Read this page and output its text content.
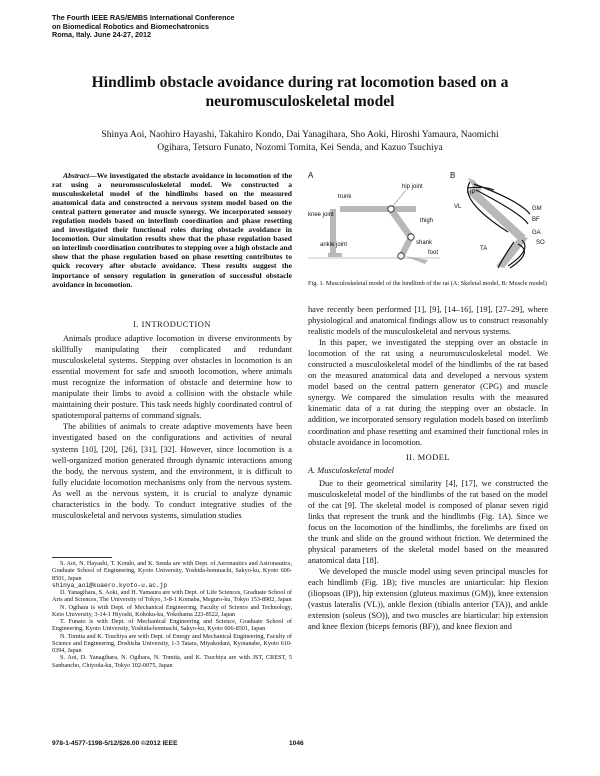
The Fourth IEEE RAS/EMBS International Conference
on Biomedical Robotics and Biomechatronics
Roma, Italy. June 24-27, 2012
Hindlimb obstacle avoidance during rat locomotion based on a
neuromusculoskeletal model
Shinya Aoi, Naohiro Hayashi, Takahiro Kondo, Dai Yanagihara, Sho Aoki, Hiroshi Yamaura, Naomichi
Ogihara, Tetsuro Funato, Nozomi Tomita, Kei Senda, and Kazuo Tsuchiya

Abstract—We investigated the obstacle avoidance in locomotion of the rat using a neuromusculoskeletal model. We constructed a musculoskeletal model of the hindlimbs based on the measured anatomical data and constructed a nervous system model based on the central pattern generator and muscle synergy. We incorporated sensory regulation models based on interlimb coordination and phase resetting and investigated their functional roles during obstacle avoidance in locomotion. Our simulation results show that the phase regulation based on interlimb coordination contributes to stepping over a high obstacle and show that the phase regulation based on phase resetting contributes to quick recovery after obstacle avoidance. These results suggest the importance of sensory regulation in generation of successful obstacle avoidance in locomotion.

I. INTRODUCTION

Animals produce adaptive locomotion in diverse environments by skillfully manipulating their complicated and redundant musculoskeletal systems. Stepping over obstacles in locomotion is an essential movement for safe and smooth locomotion, where animals must recognize the information of obstacle and determine how to manipulate their limbs to avoid a collision with the obstacle while maintaining their posture. This task needs highly coordinated control of spatiotemporal patterns of command signals.

The abilities of animals to create adaptive movements have been investigated based on the configurations and activities of neural systems [10], [20], [26], [31], [32]. However, since locomotion is a well-organized motion generated through dynamic interactions among the body, the nervous system, and the environment, it is difficult to fully elucidate locomotion mechanisms only from the nervous system. As well as the nervous system, it is crucial to analyze dynamic characteristics in the body. To conduct integrative studies of the musculoskeletal and nervous systems, simulation studies

S. Aoi, N. Hayashi, T. Kondo, and K. Senda are with Dept. of Aeronautics and Astronautics, Graduate School of Engineering, Kyoto University, Yoshida-honmachi, Sakyo-ku, Kyoto 606-8501, Japan
shinya_aoi@kuaero.kyoto-u.ac.jp

D. Yanagihara, S. Aoki, and H. Yamaura are with Dept. of Life Sciences, Graduate School of Arts and Sciences, The University of Tokyo, 3-8-1 Komaba, Meguro-ku, Tokyo 153-8902, Japan

N. Ogihara is with Dept. of Mechanical Engineering, Faculty of Science and Technology, Keio University, 3-14-1 Hiyoshi, Kohoku-ku, Yokohama 223-8522, Japan

T. Funato is with Dept. of Mechanical Engineering and Science, Graduate School of Engineering, Kyoto University, Yoshida-honmachi, Sakyo-ku, Kyoto 606-8501, Japan

N. Tomita and K. Tsuchiya are with Dept. of Energy and Mechanical Engineering, Faculty of Science and Engineering, Doshisha University, 1-3 Tatara, Miyakodani, Kyotanabe, Kyoto 610-0394, Japan

S. Aoi, D. Yanagihara, N. Ogihara, N. Tomita, and K. Tsuchiya are with JST, CREST, 5 Sanbancho, Chiyoda-ku, Tokyo 102-0075, Japan

A
trunk
hip joint
knee joint
thigh
ankle joint	shank
foot
B
IP
VL	GM
BF
GA
SO
TA
Fig. 1. Musculoskeletal model of the hindlimb of the rat (A: Skeletal model, B: Muscle model)

have recently been performed [1], [9], [14–16], [19], [27–29], where physiological and anatomical findings allow us to construct reasonably realistic models of the musculoskeletal and nervous systems.

In this paper, we investigated the stepping over an obstacle in locomotion of the rat using a neuromusculoskeletal model. We constructed a musculoskeletal model of the hindlimbs of the rat based on the measured anatomical data and developed a nervous system model based on the central pattern generator (CPG) and muscle synergy. We compared the simulation results with the measured kinematic data of a rat during the stepping over an obstacle. In addition, we incorporated sensory regulation models based on interlimb coordination and phase resetting and examined their functional roles in obstacle avoidance in locomotion.

II. MODEL
A. Musculoskeletal model

Due to their geometrical similarity [4], [17], we constructed the musculoskeletal model of the hindlimbs of the rat based on the model of the cat [9]. The skeletal model is composed of planar seven rigid links that represent the trunk and the hindlimbs (Fig. 1A). Since we focus on the locomotion of the hindlimbs, the forelimbs are fixed on the trunk and slide on the ground without friction. We determined the physical parameters of the skeletal model based on the measured anatomical data [18].

We developed the muscle model using seven principal muscles for each hindlimb (Fig. 1B); five muscles are uniarticular: hip flexion (iliopsoas (IP)), hip extension (gluteus maximus (GM)), knee extension (vastus lateralis (VL)), ankle flexion (tibialis anterior (TA)), and ankle extension (soleus (SO)), and two muscles are biarticular: hip extension and knee flexion (biceps femoris (BF)), and knee flexion and

978-1-4577-1198-5/12/$26.00 ©2012 IEEE	1046
